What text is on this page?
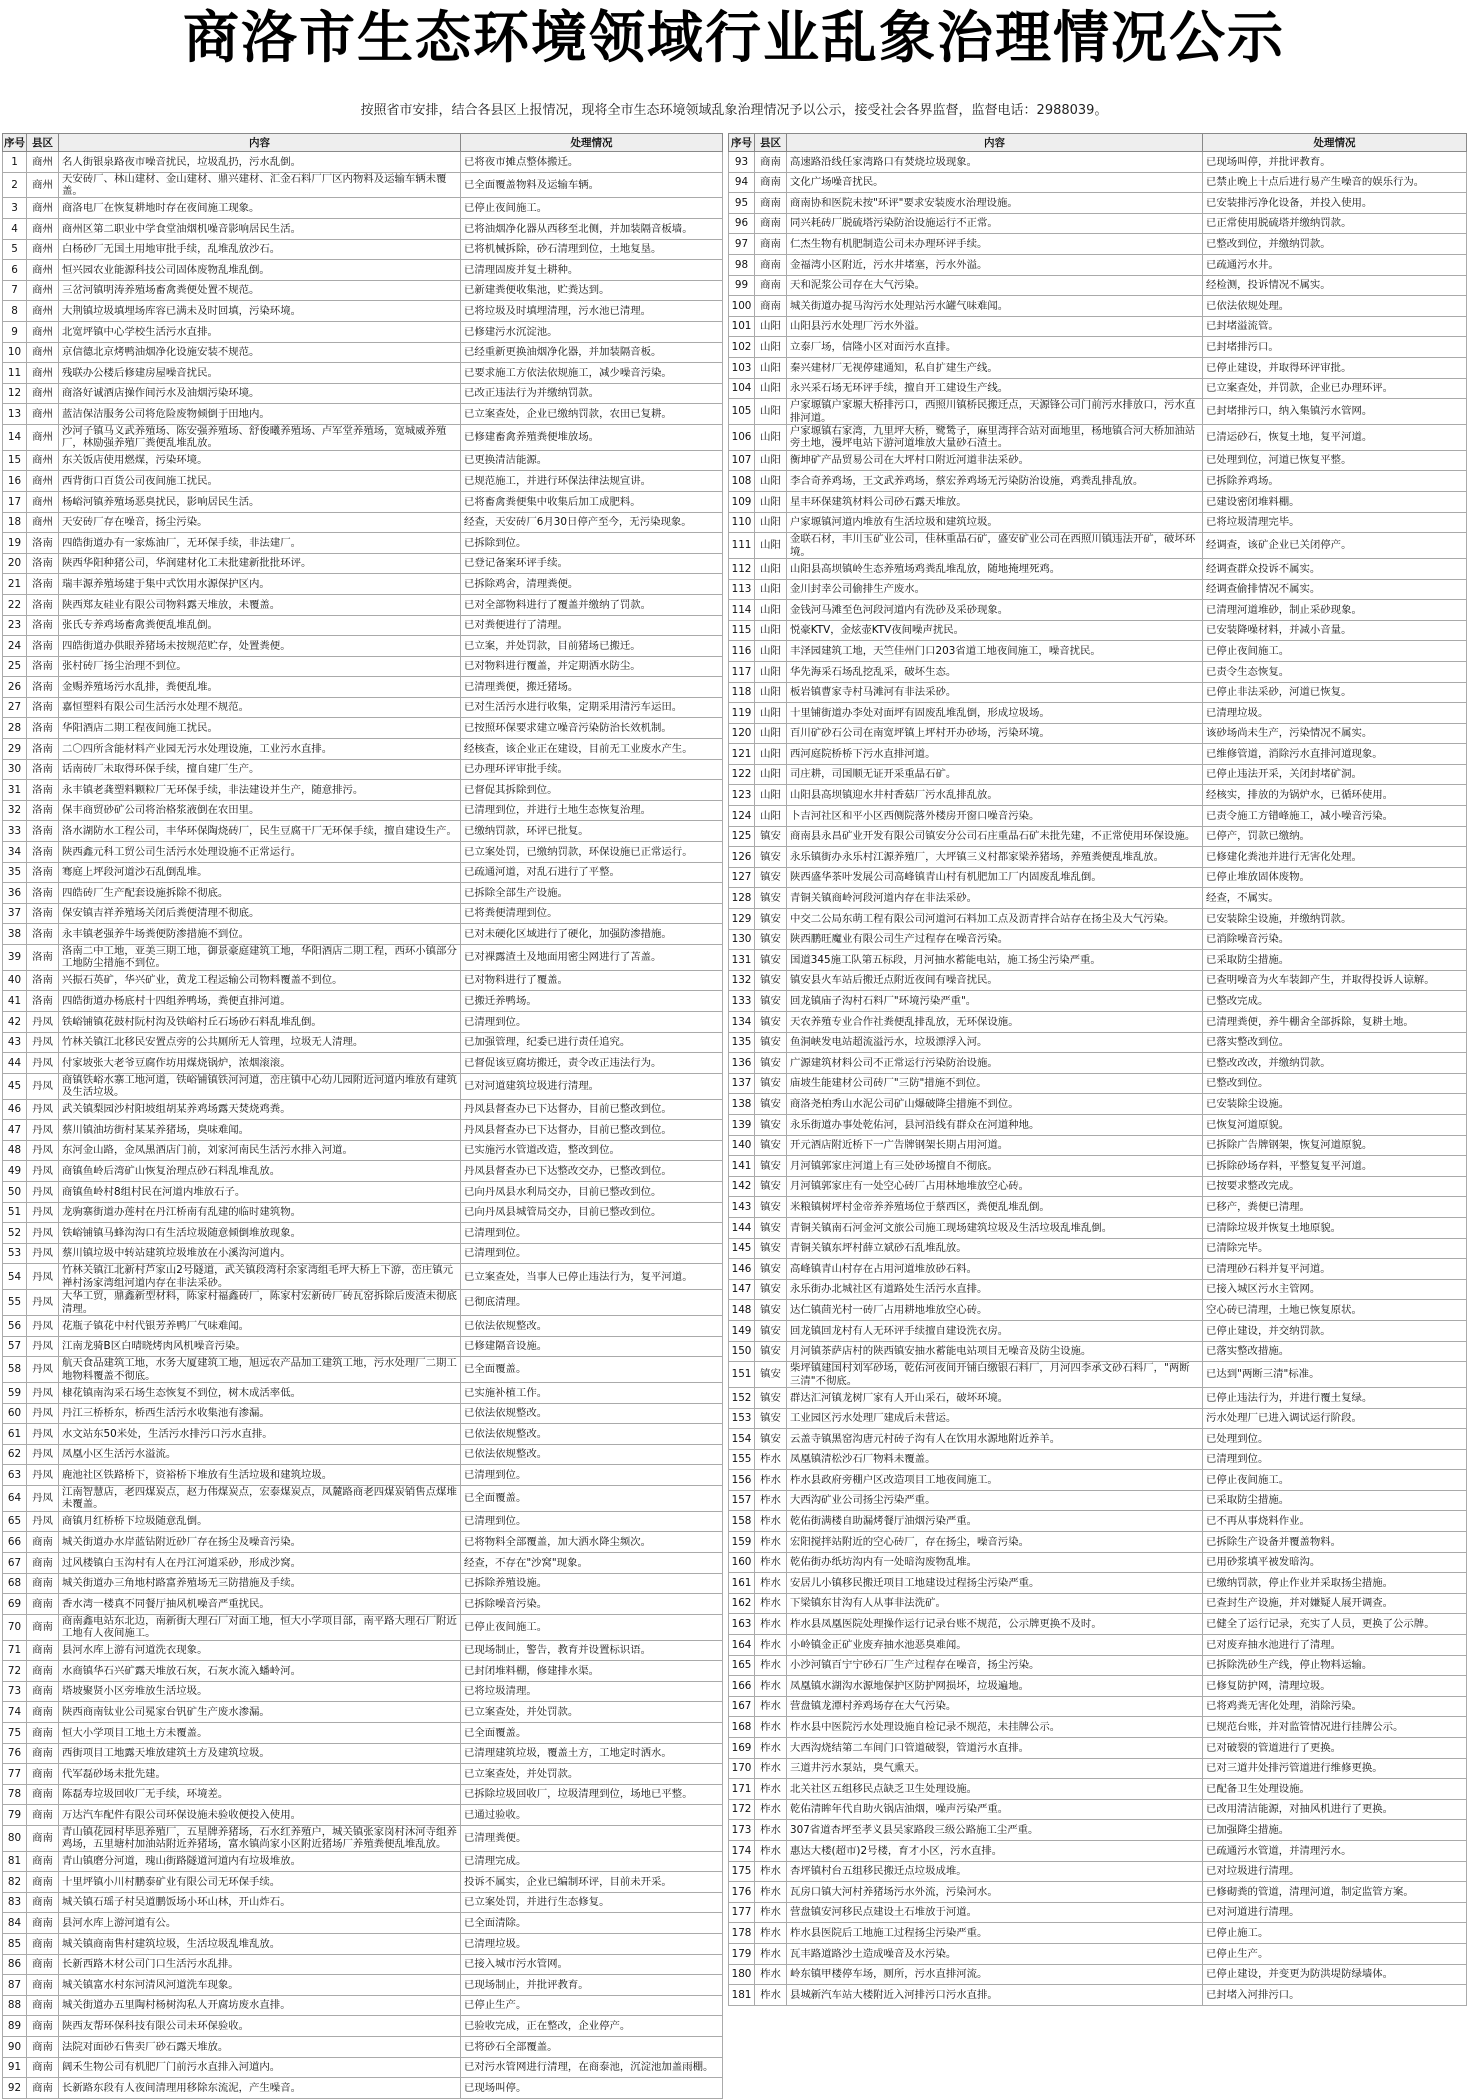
商洛市生态环境领域行业乱象治理情况公示
按照省市安排，结合各县区上报情况，现将全市生态环境领域乱象治理情况予以公示，接受社会各界监督，监督电话：2988039。
序号	县区	内容	处理情况
1	商州	名人街银泉路夜市噪音扰民，垃圾乱扔，污水乱倒。	已将夜市摊点整体搬迁。
2	商州	天安砖厂、林山建材、金山建材、鼎兴建材、汇金石料厂厂区内物料及运输车辆未覆盖。	已全面覆盖物料及运输车辆。
3	商州	商洛电厂在恢复耕地时存在夜间施工现象。	已停止夜间施工。
4	商州	商州区第二职业中学食堂油烟机噪音影响居民生活。	已将油烟净化器从西移至北侧，并加装隔音板墙。
5	商州	白杨砂厂无国土用地审批手续，乱堆乱放沙石。	已将机械拆除，砂石清理到位，土地复垦。
6	商州	恒兴园农业能源科技公司固体废物乱堆乱倒。	已清理固废并复土耕种。
7	商州	三岔河镇明涛养殖场畜禽粪便处置不规范。	已新建粪便收集池，贮粪达到。
8	商州	大荆镇垃圾填埋场库容已满未及时回填，污染环境。	已将垃圾及时填埋清理，污水池已清理。
9	商州	北宽坪镇中心学校生活污水直排。	已修建污水沉淀池。
10	商州	京信德北京烤鸭油烟净化设施安装不规范。	已经重新更换油烟净化器，并加装隔音板。
11	商州	残联办公楼后修建房屋噪音扰民。	已要求施工方依法依规施工，减少噪音污染。
12	商州	商洛好诚酒店操作间污水及油烟污染环境。	已改正违法行为并缴纳罚款。
13	商州	蓝洁保洁服务公司将危险废物倾倒于田地内。	已立案查处，企业已缴纳罚款，农田已复耕。
14	商州	沙河子镇马义武养殖场、陈安强养殖场、舒俊曦养殖场、卢军堂养殖场，宽城威养殖厂，林励强养殖厂粪便乱堆乱放。	已修建畜禽养殖粪便堆放场。
15	商州	东关饭店使用燃煤，污染环境。	已更换清洁能源。
16	商州	西背街口百货公司夜间施工扰民。	已规范施工，并进行环保法律法规宣讲。
17	商州	杨峪河镇养殖场恶臭扰民，影响居民生活。	已将畜禽粪便集中收集后加工成肥料。
18	商州	天安砖厂存在噪音，扬尘污染。	经查，天安砖厂6月30日停产至今，无污染现象。
19	洛南	四皓街道办有一家炼油厂，无环保手续，非法建厂。	已拆除到位。
20	洛南	陕西华阳种猪公司，华润建材化工未批建新批批环评。	已登记备案环评手续。
21	洛南	瑞丰源养殖场建于集中式饮用水源保护区内。	已拆除鸡舍，清理粪便。
22	洛南	陕西郑友硅业有限公司物料露天堆放，未覆盖。	已对全部物料进行了覆盖并缴纳了罚款。
23	洛南	张氏专养鸡场畜禽粪便乱堆乱倒。	已对粪便进行了清理。
24	洛南	四皓街道办供眼养猪场未按规范贮存，处置粪便。	已立案，并处罚款，目前猪场已搬迁。
25	洛南	张村砖厂扬尘治理不到位。	已对物料进行覆盖，并定期洒水防尘。
26	洛南	金赐养殖场污水乱排，粪便乱堆。	已清理粪便，搬迁猪场。
27	洛南	嘉恒塑料有限公司生活污水处理不规范。	已对生活污水进行收集，定期采用清污车运田。
28	洛南	华阳酒店二期工程夜间施工扰民。	已按照环保要求建立噪音污染防治长效机制。
29	洛南	二〇四所含能材料产业园无污水处理设施，工业污水直排。	经核查，该企业正在建设，目前无工业废水产生。
30	洛南	话南砖厂未取得环保手续，擅自建厂生产。	已办理环评审批手续。
31	洛南	永丰镇老龚塑料颗粒厂无环保手续，非法建设并生产，随意排污。	已督促其拆除到位。
32	洛南	保丰商贸砂矿公司将治格浆液倒在农田里。	已清理到位，并进行土地生态恢复治理。
33	洛南	洛水湖防水工程公司，丰华环保陶烧砖厂，民生豆腐干厂无环保手续，擅自建设生产。	已缴纳罚款，环评已批复。
34	洛南	陕西鑫元科工贸公司生活污水处理设施不正常运行。	已立案处罚，已缴纳罚款，环保设施已正常运行。
35	洛南	骞庭上坪段河道沙石乱倒乱堆。	已疏通河道，对乱石进行了平整。
36	洛南	四皓砖厂生产配套设施拆除不彻底。	已拆除全部生产设施。
37	洛南	保安镇吉祥养殖场关闭后粪便清理不彻底。	已将粪便清理到位。
38	洛南	永丰镇老强养牛场粪便防渗措施不到位。	已对未硬化区域进行了硬化，加强防渗措施。
39	洛南	洛南二中工地，亚美三期工地，御景豪庭建筑工地，华阳酒店二期工程，西环小镇部分工地防尘措施不到位。	已对裸露渣土及地面用密尘网进行了苫盖。
40	洛南	兴振石英矿，华兴矿业，黄龙工程运输公司物料覆盖不到位。	已对物料进行了覆盖。
41	洛南	四皓街道办杨底村十四组养鸭场，粪便直排河道。	已搬迁养鸭场。
42	丹凤	铁峪铺镇花鼓村阮村沟及铁峪村丘石场砂石料乱堆乱倒。	已清理到位。
43	丹凤	竹林关镇江北移民安置点旁的公共厕所无人管理，垃圾无人清理。	已加强管理，纪委已进行责任追究。
44	丹凤	付家坡张大老爷豆腐作坊用煤烧锅炉，浓烟滚滚。	已督促该豆腐坊搬迁，责令改正违法行为。
45	丹凤	商镇铁峪水寨工地河道，铁峪铺镇铁河河道，峦庄镇中心幼儿园附近河道内堆放有建筑及生活垃圾。	已对河道建筑垃圾进行清理。
46	丹凤	武关镇梨园沙村阳坡组胡某养鸡场露天焚烧鸡粪。	丹凤县督查办已下达督办，目前已整改到位。
47	丹凤	蔡川镇油坊街村某某养猪场，臭味难闻。	丹凤县督查办已下达督办，目前已整改到位。
48	丹凤	东河金山路，金凤黑酒店门前，刘家河南民生活污水排入河道。	已实施污水管道改造，整改到位。
49	丹凤	商镇鱼岭后湾矿山恢复治理点砂石料乱堆乱放。	丹凤县督查办已下达整改交办，已整改到位。
50	丹凤	商镇鱼岭村8组村民在河道内堆放石子。	已向丹凤县水利局交办，目前已整改到位。
51	丹凤	龙驹寨街道办莲村在丹江桥南有乱建的临时建筑物。	已向丹凤县城管局交办，目前已整改到位。
52	丹凤	铁峪铺镇马蜂沟沟口有生活垃圾随意倾倒堆放现象。	已清理到位。
53	丹凤	蔡川镇垃圾中转站建筑垃圾堆放在小溪沟河道内。	已清理到位。
54	丹凤	竹林关镇江北新村芦家山2号隧道，武关镇段湾村余家湾组毛坪大桥上下游，峦庄镇元禅村汤家湾组河道内存在非法采砂。	已立案查处，当事人已停止违法行为，复平河道。
55	丹凤	大华工贸，鼎鑫新型材料，陈家村福鑫砖厂，陈家村宏新砖厂砖瓦窑拆除后废渣未彻底清理。	已彻底清理。
56	丹凤	花瓶子镇花中村代银芳养鸭厂气味难闻。	已依法依规整改。
57	丹凤	江南龙骑B区白晴晓烤肉风机噪音污染。	已修建隔音设施。
58	丹凤	航天食品建筑工地，水务大厦建筑工地，旭远农产品加工建筑工地，污水处理厂二期工地物料覆盖不彻底。	已全面覆盖。
59	丹凤	棣花镇南沟采石场生态恢复不到位，树木成活率低。	已实施补植工作。
60	丹凤	丹江三桥桥东，桥西生活污水收集池有渗漏。	已依法依规整改。
61	丹凤	水文站东50米处，生活污水排污口污水直排。	已依法依规整改。
62	丹凤	凤凰小区生活污水溢流。	已依法依规整改。
63	丹凤	鹿池社区铁路桥下，资裕桥下堆放有生活垃圾和建筑垃圾。	已清理到位。
64	丹凤	江南智慧店，老四煤炭点，赵力伟煤炭点，宏泰煤炭点，凤麓路商老四煤炭销售点煤堆未覆盖。	已全面覆盖。
65	丹凤	商镇月红桥桥下垃圾随意乱倒。	已清理到位。
66	商南	城关街道办水岸蓝钻附近砂厂存在扬尘及噪音污染。	已将物料全部覆盖，加大洒水降尘频次。
67	商南	过风楼镇白玉沟村有人在丹江河道采砂，形成沙窝。	经查，不存在"沙窝"现象。
68	商南	城关街道办三角地村路富养殖场无三防措施及手续。	已拆除养殖设施。
69	商南	香水湾一楼真不同餐厅抽风机噪音严重扰民。	已拆除噪音污染。
70	商南	商南鑫电站东北边，南新街大理石厂对面工地，恒大小学项目部，南平路大理石厂附近工地有人夜间施工。	已停止夜间施工。
71	商南	县河水库上游有河道洗衣现象。	已现场制止，警告，教育并设置标识语。
72	商南	水商镇华石兴矿露天堆放石灰，石灰水流入蟠岭河。	已封闭堆料棚，修建排水渠。
73	商南	塔坡聚贤小区旁堆放生活垃圾。	已将垃圾清理。
74	商南	陕西商南钛业公司冕家台钒矿生产废水渗漏。	已立案查处，并处罚款。
75	商南	恒大小学项目工地土方未覆盖。	已全面覆盖。
76	商南	西街项目工地露天堆放建筑土方及建筑垃圾。	已清理建筑垃圾，覆盖土方，工地定时洒水。
77	商南	代军磊砂场未批先建。	已立案查处，并处罚款。
78	商南	陈磊寿垃圾回收厂无手续，环境差。	已拆除垃圾回收厂，垃圾清理到位，场地已平整。
79	商南	万达汽车配件有限公司环保设施未验收便投入使用。	已通过验收。
80	商南	青山镇花园村毕思养殖厂，五星牌养猪场，石水红养殖户，城关镇张家岗村沐河寺组养鸡场，五里塘村加油站附近养猪场，富水镇尚家小区附近猪场厂养殖粪便乱堆乱放。	已清理粪便。
81	商南	青山镇磨分河道，瑰山街路隧道河道内有垃圾堆放。	已清理完成。
82	商南	十里坪镇小川村鹏泰矿业有限公司无环保手续。	投诉不属实，企业已编制环评，目前未开采。
83	商南	城关镇石瑶子村吴道鹏饭场小环山林，开山炸石。	已立案处罚，并进行生态修复。
84	商南	县河水库上游河道有公。	已全面清除。
85	商南	城关镇商南售村建筑垃圾，生活垃圾乱堆乱放。	已清理垃圾。
86	商南	长新西路木材公司门口生活污水乱排。	已接入城市污水管网。
87	商南	城关镇富水村东河清风河道洗车现象。	已现场制止，并批评教育。
88	商南	城关街道办五里陶村杨树沟私人开腐坊废水直排。	已停止生产。
89	商南	陕西友帮环保科技有限公司未环保验收。	已验收完成，正在整改，企业停产。
90	商南	法院对面砂石售卖厂砂石露天堆放。	已将砂石全部覆盖。
91	商南	阔禾生物公司有机肥厂门前污水直排入河道内。	已对污水管网进行清理，在商泰池，沉淀池加盖雨棚。
92	商南	长新路东段有人夜间清理用移除东流泥，产生噪音。	已现场叫停。
序号	县区	内容	处理情况
93	商南	高速路沿线任家湾路口有焚烧垃圾现象。	已现场叫停，并批评教育。
94	商南	文化广场噪音扰民。	已禁止晚上十点后进行易产生噪音的娱乐行为。
95	商南	商南协和医院未按"环评"要求安装废水治理设施。	已安装排污净化设备，并投入使用。
96	商南	同兴耗砖厂脱硫塔污染防治设施运行不正常。	已正常使用脱硫塔并缴纳罚款。
97	商南	仁杰生物有机肥制造公司未办理环评手续。	已整改到位，并缴纳罚款。
98	商南	金福湾小区附近，污水井堵塞，污水外溢。	已疏通污水井。
99	商南	天和泥浆公司存在大气污染。	经检测，投诉情况不属实。
100	商南	城关街道办捉马沟污水处理站污水罐气味难闻。	已依法依规处理。
101	山阳	山阳县污水处理厂污水外溢。	已封堵溢流管。
102	山阳	立泰厂场，信隆小区对面污水直排。	已封堵排污口。
103	山阳	秦兴建材厂无视停建通知，私自扩建生产线。	已停止建设，并取得环评审批。
104	山阳	永兴采石场无环评手续，擅自开工建设生产线。	已立案查处，并罚款，企业已办理环评。
105	山阳	户家塬镇户家塬大桥排污口，西照川镇桥民搬迁点，天源锋公司门前污水排放口，污水直排河道。	已封堵排污口，纳入集镇污水管网。
106	山阳	户家塬镇右家湾，九里坪大桥，鹭鸶子，麻里湾拌合站对面地里，杨地镇合河大桥加油站旁土地，漫坪电站下游河道堆放大量砂石渣土。	已清运砂石，恢复土地，复平河道。
107	山阳	衡坤矿产品贸易公司在大坪村口附近河道非法采砂。	已处理到位，河道已恢复平整。
108	山阳	李合奇养鸡场，王文武养鸡场，蔡宏养鸡场无污染防治设施，鸡粪乱排乱放。	已拆除养鸡场。
109	山阳	星丰环保建筑材料公司砂石露天堆放。	已建设密闭堆料棚。
110	山阳	户家塬镇河道内堆放有生活垃圾和建筑垃圾。	已将垃圾清理完毕。
111	山阳	金联石材，丰川玉矿业公司，佳林重晶石矿，盛安矿业公司在西照川镇违法开矿，破坏环境。	经调查，该矿企业已关闭停产。
112	山阳	山阳县高坝镇岭生态养殖场鸡粪乱堆乱放，随地掩埋死鸡。	经调查群众投诉不属实。
113	山阳	金川封幸公司偷排生产废水。	经调查偷排情况不属实。
114	山阳	金钱河马滩至色河段河道内有洗砂及采砂现象。	已清理河道堆砂，制止采砂现象。
115	山阳	悦豪KTV，金炫壶KTV夜间噪声扰民。	已安装降噪材料，并减小音量。
116	山阳	丰泽园建筑工地，天竺佳州门口203省道工地夜间施工，噪音扰民。	已停止夜间施工。
117	山阳	华先海采石场乱挖乱采，破坏生态。	已责令生态恢复。
118	山阳	板岩镇曹家寺村马滩河有非法采砂。	已停止非法采砂，河道已恢复。
119	山阳	十里铺街道办李处对面坪有固废乱堆乱倒，形成垃圾场。	已清理垃圾。
120	山阳	百川矿砂石公司在南宽坪镇上坪村开办砂场，污染环境。	该砂场尚未生产，污染情况不属实。
121	山阳	西河庭院桥桥下污水直排河道。	已维修管道，消除污水直排河道现象。
122	山阳	司庄耕，司国顺无证开采重晶石矿。	已停止违法开采，关闭封堵矿洞。
123	山阳	山阳县高坝镇迎水井村香菇厂污水乱排乱放。	经核实，排放的为锅炉水，已循环使用。
124	山阳	卜吉河社区和平小区西侧院落外楼房开窗口噪音污染。	已责令施工方错峰施工，减小噪音污染。
125	镇安	商南县永昌矿业开发有限公司镇安分公司石庄重晶石矿未批先建，不正常使用环保设施。	已停产，罚款已缴纳。
126	镇安	永乐镇街办永乐村江源养殖厂，大坪镇三义村都家梁养猪场，养殖粪便乱堆乱放。	已修建化粪池并进行无害化处理。
127	镇安	陕西盛华茶叶发展公司高峰镇青山村有机肥加工厂内固废乱堆乱倒。	已停止堆放固体废物。
128	镇安	青铜关镇商岭河段河道内存在非法采砂。	经查，不属实。
129	镇安	中交二公局东萌工程有限公司河道河石料加工点及沥青拌合站存在扬尘及大气污染。	已安装除尘设施，并缴纳罚款。
130	镇安	陕西鹏旺魔业有限公司生产过程存在噪音污染。	已消除噪音污染。
131	镇安	国道345施工队第五标段，月河抽水蓄能电站，施工扬尘污染严重。	已采取防尘措施。
132	镇安	镇安县火车站后搬迁点附近夜间有噪音扰民。	已查明噪音为火车装卸产生，并取得投诉人谅解。
133	镇安	回龙镇庙子沟村石料厂"环境污染严重"。	已整改完成。
134	镇安	天农养殖专业合作社粪便乱排乱放，无环保设施。	已清理粪便，养牛棚舍全部拆除，复耕土地。
135	镇安	鱼洞峡发电站超流溢污水，垃圾漂浮入河。	已落实整改到位。
136	镇安	广源建筑材料公司不正常运行污染防治设施。	已整改改改，并缴纳罚款。
137	镇安	庙坡生能建材公司砖厂"三防"措施不到位。	已整改到位。
138	镇安	商洛尧柏秀山水泥公司矿山爆破降尘措施不到位。	已安装除尘设施。
139	镇安	永乐街道办事处乾佑河，县河沿线有群众在河道种地。	已恢复河道原貌。
140	镇安	开元酒店附近桥下一广告牌钢架长期占用河道。	已拆除广告牌钢架，恢复河道原貌。
141	镇安	月河镇郭家庄河道上有三处砂场擅自不彻底。	已拆除砂场存料，平整复复平河道。
142	镇安	月河镇郭家庄有一处空心砖厂占用林地堆放空心砖。	已按要求整改完成。
143	镇安	米粮镇树坪村金帝养养殖场位于蔡西区，粪便乱堆乱倒。	已移产，粪便已清理。
144	镇安	青铜关镇南石河金河文旅公司施工现场建筑垃圾及生活垃圾乱堆乱倒。	已清除垃圾并恢复土地原貌。
145	镇安	青铜关镇东坪村薛立斌砂石乱堆乱放。	已清除完毕。
146	镇安	高峰镇青山村存在占用河道堆放砂石料。	已清理砂石料并复平河道。
147	镇安	永乐街办北城社区有道路处生活污水直排。	已接入城区污水主管网。
148	镇安	达仁镇茴光村一砖厂占用耕地堆放空心砖。	空心砖已清理，土地已恢复原状。
149	镇安	回龙镇回龙村有人无环评手续擅自建设洗衣房。	已停止建设，并交纳罚款。
150	镇安	月河镇茶萨店村的陕西镇安抽水蓄能电站项目无噪音及防尘设施。	已落实整改措施。
151	镇安	柴坪镇建国村刘军砂场，乾佑河夜间开铺白缴银石料厂，月河四李承文砂石料厂，"两断三清"不彻底。	已达到"两断三清"标准。
152	镇安	群达汇河镇龙树厂家有人开山采石，破坏环境。	已停止违法行为，并进行覆土复绿。
153	镇安	工业园区污水处理厂建成后未营运。	污水处理厂已进入调试运行阶段。
154	镇安	云盖寺镇黑窑沟唐元村砖子沟有人在饮用水源地附近养羊。	已处理到位。
155	柞水	凤凰镇清松沙石厂物料未覆盖。	已清理到位。
156	柞水	柞水县政府旁棚户区改造项目工地夜间施工。	已停止夜间施工。
157	柞水	大西沟矿业公司扬尘污染严重。	已采取防尘措施。
158	柞水	乾佑街满楼自助漏烤餐厅油烟污染严重。	已不再从事烧料作业。
159	柞水	宏阳搅拌站附近的空心砖厂，存在扬尘，噪音污染。	已拆除生产设备并覆盖物料。
160	柞水	乾佑街办纸坊沟内有一处暗沟废物乱堆。	已用砂浆填平被发暗沟。
161	柞水	安居儿小镇移民搬迁项目工地建设过程扬尘污染严重。	已缴纳罚款，停止作业并采取扬尘措施。
162	柞水	下梁镇东甘沟有人从事非法洗矿。	已查封生产设施，并对嫌疑人展开调查。
163	柞水	柞水县凤凰医院处理操作运行记录台账不规范，公示牌更换不及时。	已健全了运行记录，充实了人员，更换了公示牌。
164	柞水	小岭镇金正矿业废弃抽水池恶臭难闻。	已对废弃抽水池进行了清理。
165	柞水	小沙河镇百宁宁砂石厂生产过程存在噪音，扬尘污染。	已拆除洗砂生产线，停止物料运输。
166	柞水	凤凰镇水湖沟水源地保护区防护网损坏，垃圾遍地。	已修复防护网，清理垃圾。
167	柞水	营盘镇龙潭村养鸡场存在大气污染。	已将鸡粪无害化处理，消除污染。
168	柞水	柞水县中医院污水处理设施自检记录不规范，未挂牌公示。	已规范台账，并对监管情况进行挂牌公示。
169	柞水	大西沟烧结第二车间门口管道破裂，管道污水直排。	已对破裂的管道进行了更换。
170	柞水	三道井污水泵站，臭气熏天。	已对三道井处排污管道进行维修更换。
171	柞水	北关社区五组移民点缺乏卫生处理设施。	已配备卫生处理设施。
172	柞水	乾佑清眸年代自助火锅店油烟，噪声污染严重。	已改用清洁能源，对抽风机进行了更换。
173	柞水	307省道杏坪至孝义县吴家路段三级公路施工尘严重。	已加强降尘措施。
174	柞水	惠达大楼(超市)2号楼，育才小区，污水直排。	已疏通污水管道，并清理污水。
175	柞水	杏坪镇村台五组移民搬迁点垃圾成堆。	已对垃圾进行清理。
176	柞水	瓦房口镇大河村养猪场污水外流，污染河水。	已修砌粪的管道，清理河道，制定监管方案。
177	柞水	营盘镇安河移民点建设土石堆放于河道。	已对河道进行清理。
178	柞水	柞水县医院后工地施工过程扬尘污染严重。	已停止施工。
179	柞水	瓦丰路道路沙土造成噪音及水污染。	已停止生产。
180	柞水	岭东镇甲楼停车场，厕所，污水直排河流。	已停止建设，并变更为防洪堤防绿墙体。
181	柞水	县城新汽车站大楼附近入河排污口污水直排。	已封堵入河排污口。
